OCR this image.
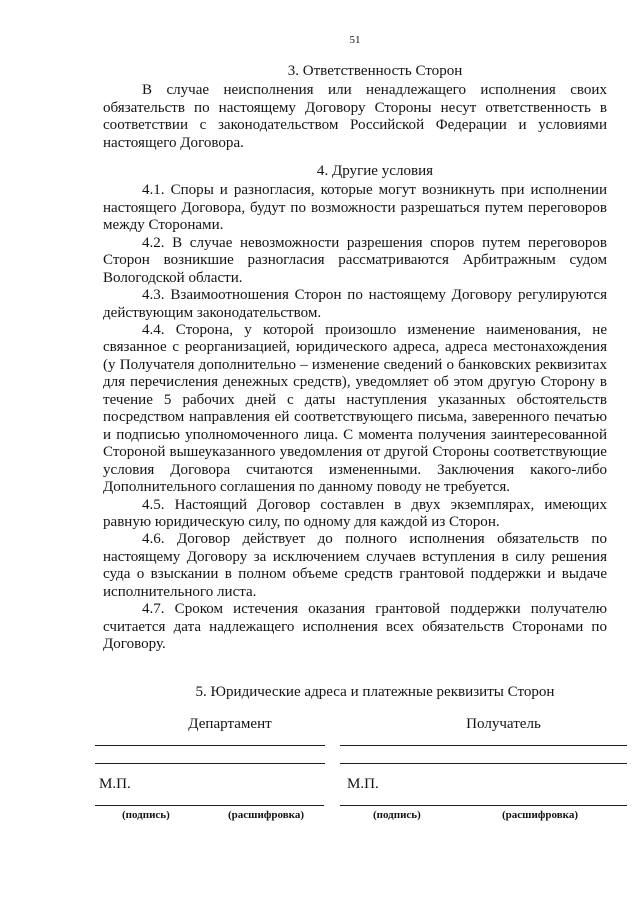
51
3. Ответственность Сторон

В случае неисполнения или ненадлежащего исполнения своих обязательств по настоящему Договору Стороны несут ответственность в соответствии с законодательством Российской Федерации и условиями настоящего Договора.

4. Другие условия

4.1. Споры и разногласия, которые могут возникнуть при исполнении настоящего Договора, будут по возможности разрешаться путем переговоров между Сторонами.

4.2. В случае невозможности разрешения споров путем переговоров Сторон возникшие разногласия рассматриваются Арбитражным судом Вологодской области.

4.3. Взаимоотношения Сторон по настоящему Договору регулируются действующим законодательством.

4.4. Сторона, у которой произошло изменение наименования, не связанное с реорганизацией, юридического адреса, адреса местонахождения (у Получателя дополнительно – изменение сведений о банковских реквизитах для перечисления денежных средств), уведомляет об этом другую Сторону в течение 5 рабочих дней с даты наступления указанных обстоятельств посредством направления ей соответствующего письма, заверенного печатью и подписью уполномоченного лица. С момента получения заинтересованной Стороной вышеуказанного уведомления от другой Стороны соответствующие условия Договора считаются измененными. Заключения какого-либо Дополнительного соглашения по данному поводу не требуется.

4.5. Настоящий Договор составлен в двух экземплярах, имеющих равную юридическую силу, по одному для каждой из Сторон.

4.6. Договор действует до полного исполнения обязательств по настоящему Договору за исключением случаев вступления в силу решения суда о взыскании в полном объеме средств грантовой поддержки и выдаче исполнительного листа.

4.7. Сроком истечения оказания грантовой поддержки получателю считается дата надлежащего исполнения всех обязательств Сторонами по Договору.

5. Юридические адреса и платежные реквизиты Сторон
Департамент	Получатель
М.П.	М.П.
(подпись)	(расшифровка)	(подпись)	(расшифровка)
